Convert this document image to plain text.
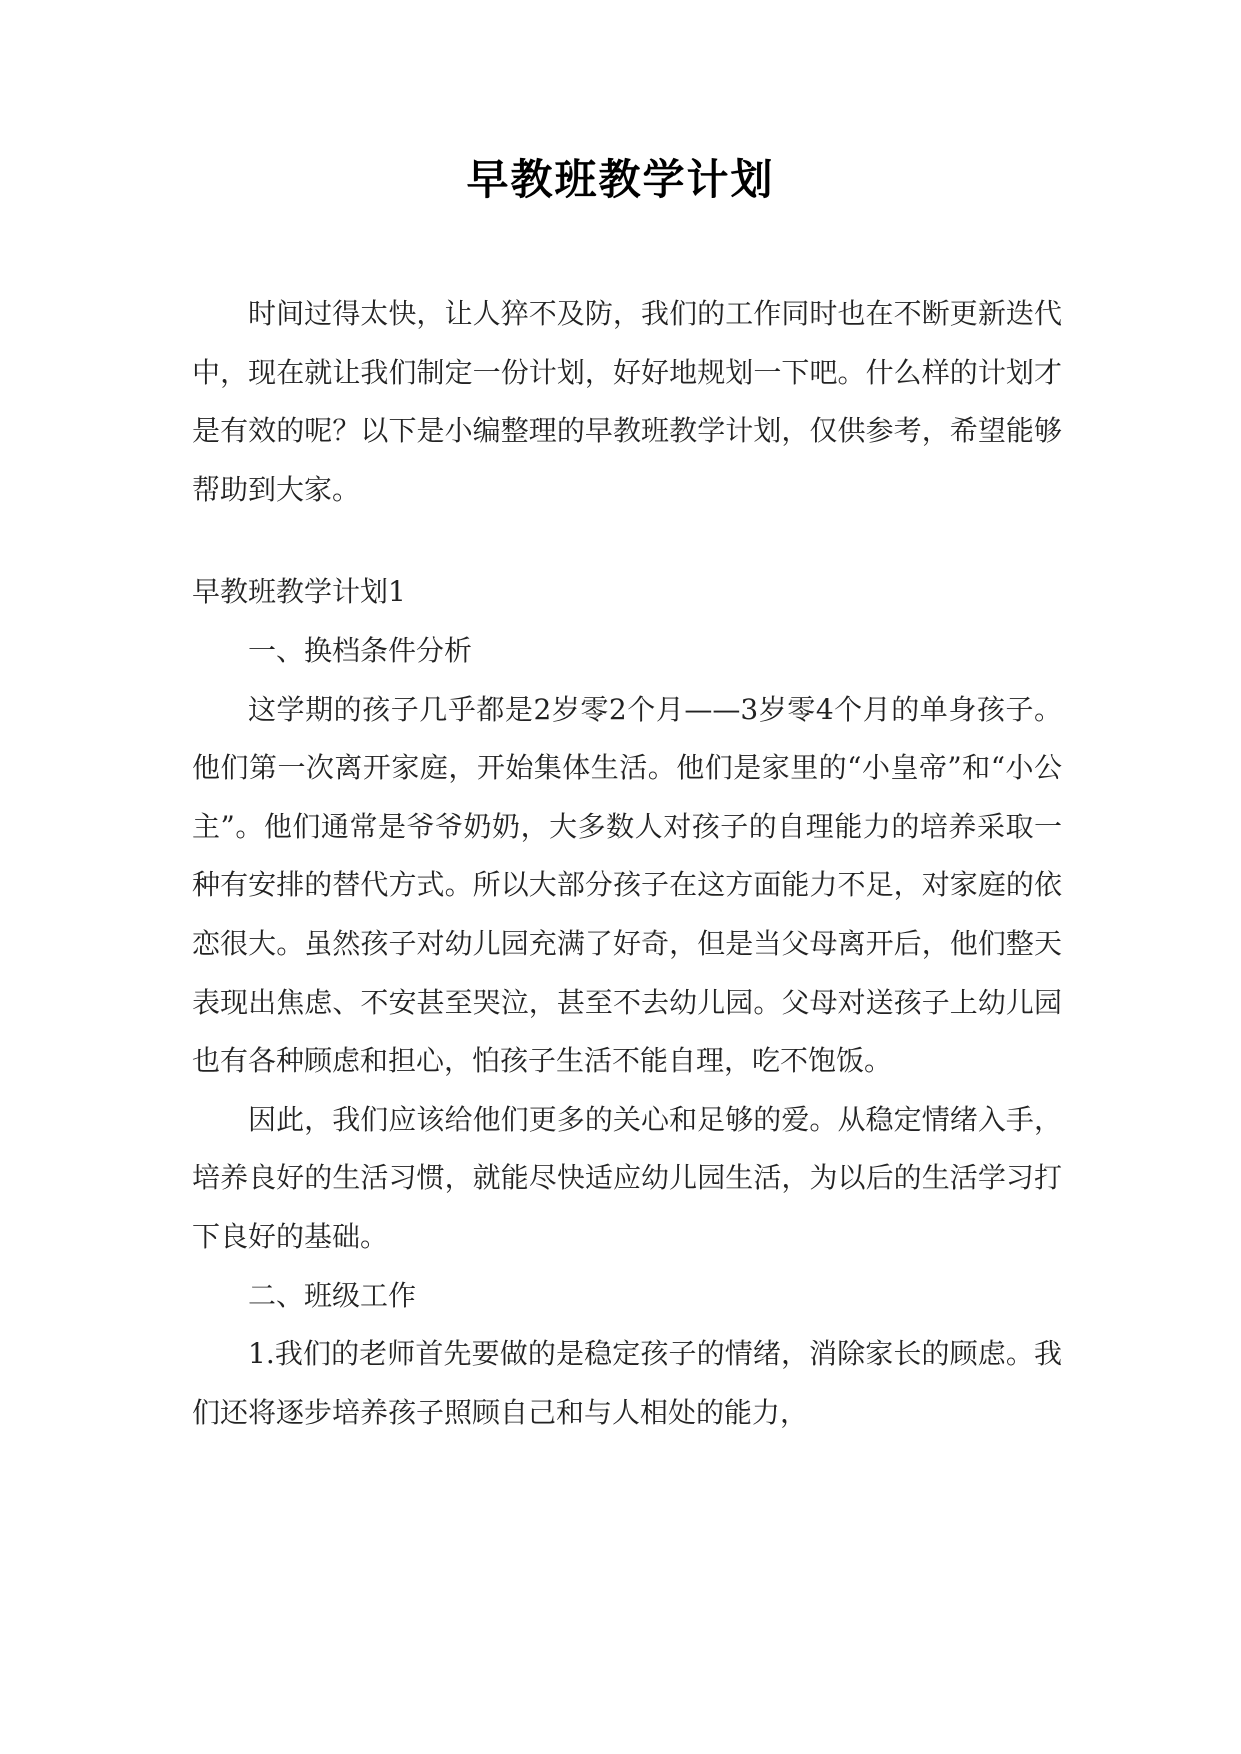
早教班教学计划

时间过得太快，让人猝不及防，我们的工作同时也在不断更新迭代中，现在就让我们制定一份计划，好好地规划一下吧。什么样的计划才是有效的呢？以下是小编整理的早教班教学计划，仅供参考，希望能够帮助到大家。

早教班教学计划1

一、换档条件分析

这学期的孩子几乎都是2岁零2个月——3岁零4个月的单身孩子。他们第一次离开家庭，开始集体生活。他们是家里的“小皇帝”和“小公主”。他们通常是爷爷奶奶，大多数人对孩子的自理能力的培养采取一种有安排的替代方式。所以大部分孩子在这方面能力不足，对家庭的依恋很大。虽然孩子对幼儿园充满了好奇，但是当父母离开后，他们整天表现出焦虑、不安甚至哭泣，甚至不去幼儿园。父母对送孩子上幼儿园也有各种顾虑和担心，怕孩子生活不能自理，吃不饱饭。

因此，我们应该给他们更多的关心和足够的爱。从稳定情绪入手，培养良好的生活习惯，就能尽快适应幼儿园生活，为以后的生活学习打下良好的基础。

二、班级工作

1.我们的老师首先要做的是稳定孩子的情绪，消除家长的顾虑。我们还将逐步培养孩子照顾自己和与人相处的能力，
